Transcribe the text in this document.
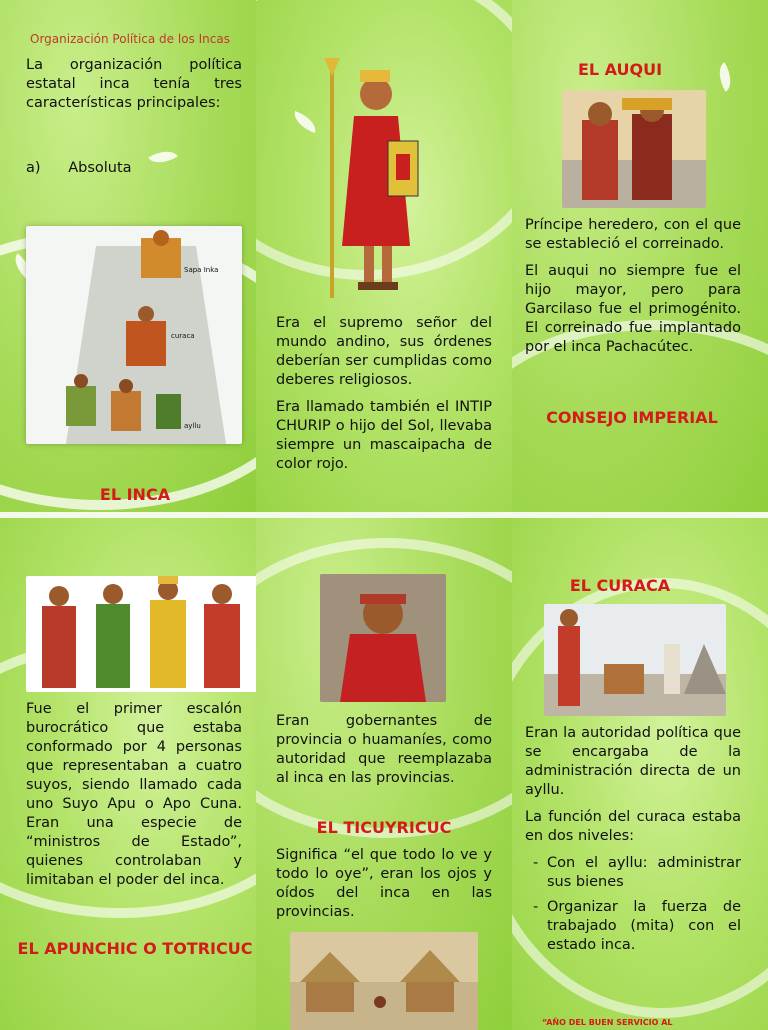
Organización Política de los Incas

La organización política estatal inca tenía tres características principales:

a)      Absoluta

Sapa Inka
curaca
ayllu
EL INCA

Era el supremo señor del mundo andino, sus órdenes deberían ser cumplidas como deberes religiosos.

Era llamado también el INTIP CHURIP o hijo del Sol, llevaba siempre un mascaipacha de color rojo.

EL AUQUI

Príncipe heredero, con el que se estableció el correinado.

El auqui no siempre fue el hijo mayor, pero para Garcilaso fue el primogénito. El correinado fue implantado por el inca Pachacútec.

CONSEJO IMPERIAL

Fue el primer escalón burocrático que estaba conformado por 4 personas que representaban a cuatro suyos, siendo llamado cada uno Suyo Apu o Apo Cuna. Eran una especie de “ministros de Estado”, quienes controlaban y limitaban el poder del inca.

EL APUNCHIC O TOTRICUC

Eran gobernantes de provincia o huamaníes, como autoridad que reemplazaba al inca en las provincias.

EL TICUYRICUC

Significa “el que todo lo ve y todo lo oye”, eran los ojos y oídos del inca en las provincias.

EL CURACA

Eran la autoridad política que se encargaba de la administración directa de un ayllu.

La función del curaca estaba en dos niveles:

- Con el ayllu: administrar sus bienes
- Organizar la fuerza de trabajado (mita) con el estado inca.
“AÑO DEL BUEN SERVICIO AL
